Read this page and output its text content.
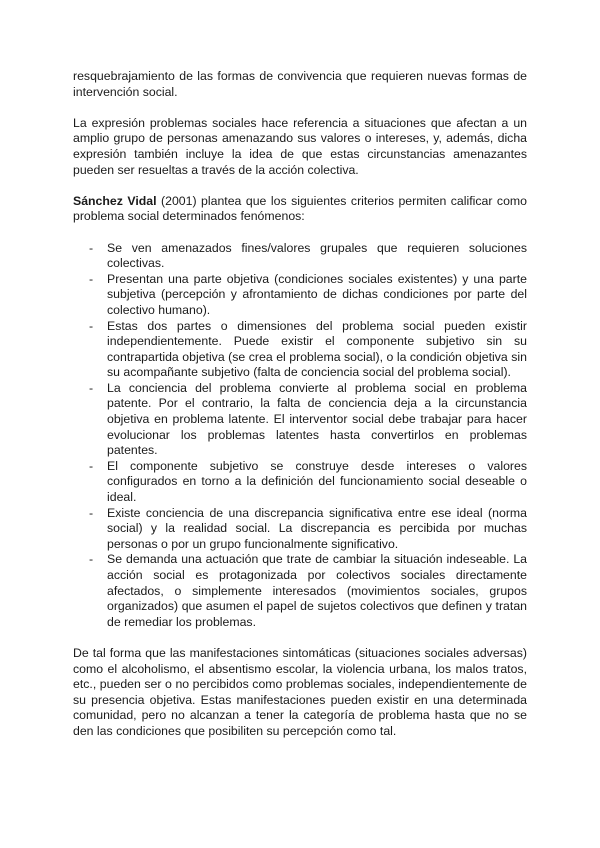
resquebrajamiento de las formas de convivencia que requieren nuevas formas de intervención social.

La expresión problemas sociales hace referencia a situaciones que afectan a un amplio grupo de personas amenazando sus valores o intereses, y, además, dicha expresión también incluye la idea de que estas circunstancias amenazantes pueden ser resueltas a través de la acción colectiva.

Sánchez Vidal (2001) plantea que los siguientes criterios permiten calificar como problema social determinados fenómenos:

- Se ven amenazados fines/valores grupales que requieren soluciones colectivas.
- Presentan una parte objetiva (condiciones sociales existentes) y una parte subjetiva (percepción y afrontamiento de dichas condiciones por parte del colectivo humano).
- Estas dos partes o dimensiones del problema social pueden existir independientemente. Puede existir el componente subjetivo sin su contrapartida objetiva (se crea el problema social), o la condición objetiva sin su acompañante subjetivo (falta de conciencia social del problema social).
- La conciencia del problema convierte al problema social en problema patente. Por el contrario, la falta de conciencia deja a la circunstancia objetiva en problema latente. El interventor social debe trabajar para hacer evolucionar los problemas latentes hasta convertirlos en problemas patentes.
- El componente subjetivo se construye desde intereses o valores configurados en torno a la definición del funcionamiento social deseable o ideal.
- Existe conciencia de una discrepancia significativa entre ese ideal (norma social) y la realidad social. La discrepancia es percibida por muchas personas o por un grupo funcionalmente significativo.
- Se demanda una actuación que trate de cambiar la situación indeseable. La acción social es protagonizada por colectivos sociales directamente afectados, o simplemente interesados (movimientos sociales, grupos organizados) que asumen el papel de sujetos colectivos que definen y tratan de remediar los problemas.

De tal forma que las manifestaciones sintomáticas (situaciones sociales adversas) como el alcoholismo, el absentismo escolar, la violencia urbana, los malos tratos, etc., pueden ser o no percibidos como problemas sociales, independientemente de su presencia objetiva. Estas manifestaciones pueden existir en una determinada comunidad, pero no alcanzan a tener la categoría de problema hasta que no se den las condiciones que posibiliten su percepción como tal.
